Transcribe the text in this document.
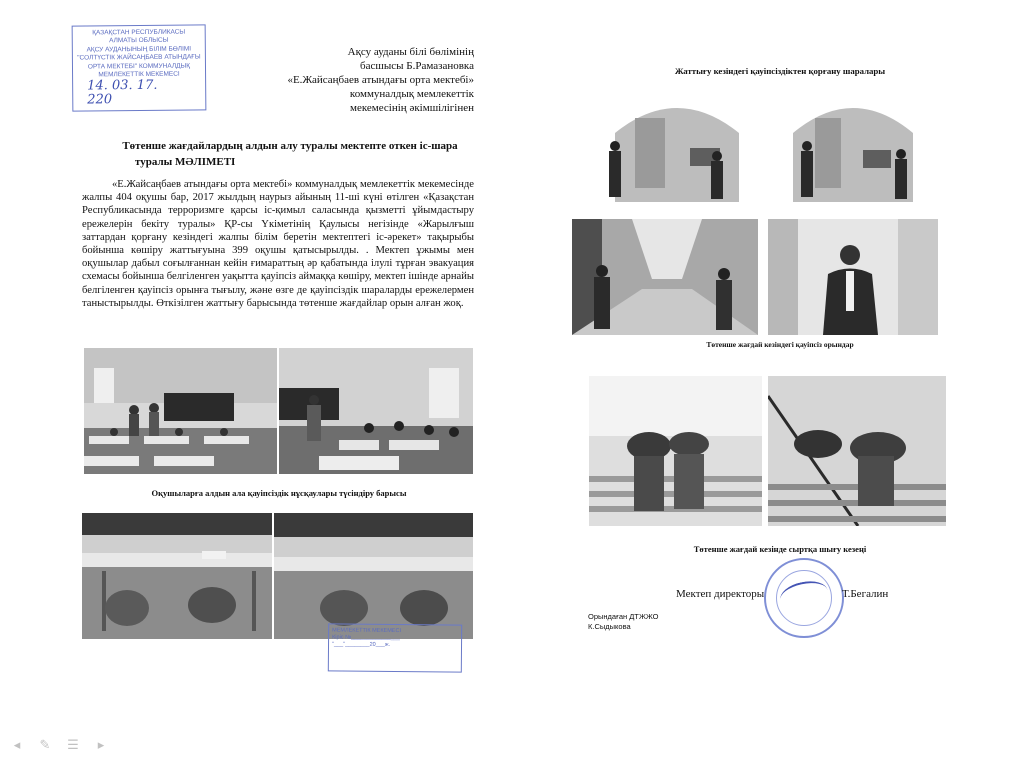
ҚАЗАҚСТАН РЕСПУБЛИКАСЫ
АЛМАТЫ ОБЛЫСЫ
АҚСУ АУДАНЫНЫҢ БІЛІМ БӨЛІМІ
"СОЛТҮСТІК ЖАЙСАҢБАЕВ АТЫНДАҒЫ
ОРТА МЕКТЕБІ" КОММУНАЛДЫҚ
МЕМЛЕКЕТТІК МЕКЕМЕСІ
14. 03. 17.
220
Ақсу ауданы білі бөлімінің
басшысы Б.Рамазановка
«Е.Жайсаңбаев атындағы орта мектебі»
коммуналдық мемлекеттік
мекемесінің әкімшілігінен
Төтенше жағдайлардың алдын алу туралы мектепте откен іс-шара
туралы МӘЛІМЕТІ
«Е.Жайсаңбаев атындағы орта мектебі» коммуналдық мемлекеттік мекемесінде жалпы 404 оқушы бар, 2017 жылдың наурыз айының 11-ші күні өтілген «Қазақстан Республикасында терроризмге қарсы іс-қимыл саласында қызметті ұйымдастыру ережелерін бекіту туралы» ҚР-сы Үкіметінің Қаулысы негізінде «Жарылғыш заттардан қорғану кезіндегі жалпы білім беретін мектептегі іс-әрекет» тақырыбы бойынша көшіру жаттығуына 399 оқушы қатысырылды. . Мектеп ұжымы мен оқушылар дабыл соғылғаннан кейін ғимараттың әр қабатында ілулі тұрған эвакуация схемасы бойынша белгіленген уақытта қауіпсіз аймаққа көшіру, мектеп ішінде арнайы белгіленген қауіпсіз орынға тығылу, және өзге де қауіпсіздік шараларды ережелермен таныстырылды. Өткізілген жаттығу барысында төтенше жағдайлар орын алған жоқ.
Оқушыларға алдын ала қауіпсіздік нұсқаулары түсіндіру барысы
МЕМЛЕКЕТТІК МЕКЕМЕСІ
Кіріс №________________
"___"________20___ж.
Жаттығу кезіндегі қауіпсіздіктен қорғану шаралары
Төтенше жағдай кезіндегі қауіпсіз орындар
Төтенше жағдай кезінде сыртқа шығу кезеңі
Мектеп директоры	Т.Бегалин
Орындаған ДТЖЖО
К.Сыдыкова
◂	✎ ☰	▸
